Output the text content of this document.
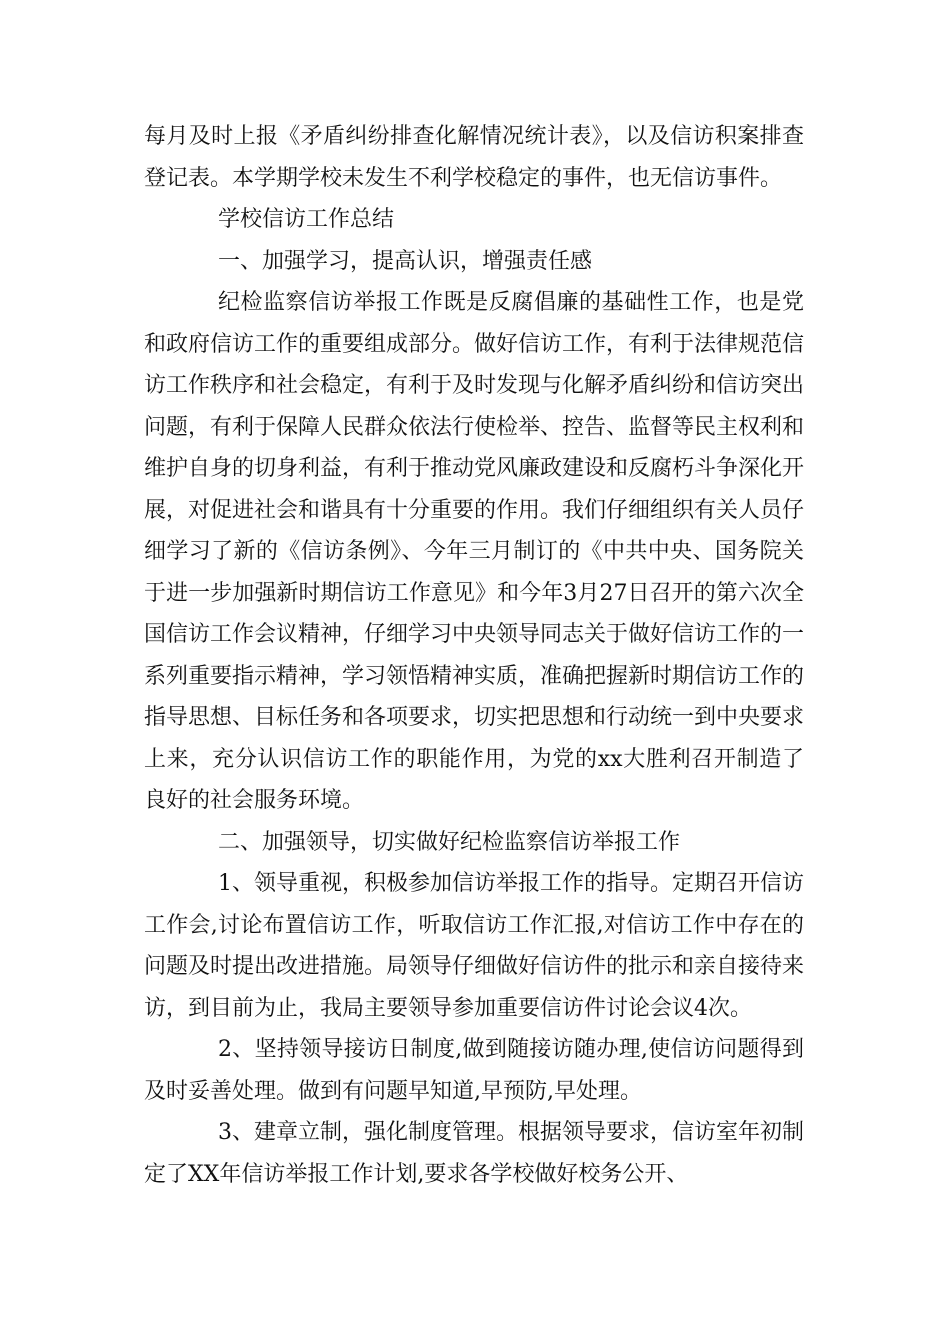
每月及时上报《矛盾纠纷排查化解情况统计表》，以及信访积案排查登记表。本学期学校未发生不利学校稳定的事件，也无信访事件。

学校信访工作总结

一、加强学习，提高认识，增强责任感

纪检监察信访举报工作既是反腐倡廉的基础性工作，也是党和政府信访工作的重要组成部分。做好信访工作，有利于法律规范信访工作秩序和社会稳定，有利于及时发现与化解矛盾纠纷和信访突出问题，有利于保障人民群众依法行使检举、控告、监督等民主权利和维护自身的切身利益，有利于推动党风廉政建设和反腐朽斗争深化开展，对促进社会和谐具有十分重要的作用。我们仔细组织有关人员仔细学习了新的《信访条例》、今年三月制订的《中共中央、国务院关于进一步加强新时期信访工作意见》和今年3月27日召开的第六次全国信访工作会议精神，仔细学习中央领导同志关于做好信访工作的一系列重要指示精神，学习领悟精神实质，准确把握新时期信访工作的指导思想、目标任务和各项要求，切实把思想和行动统一到中央要求上来，充分认识信访工作的职能作用，为党的xx大胜利召开制造了良好的社会服务环境。

二、加强领导，切实做好纪检监察信访举报工作

1、领导重视，积极参加信访举报工作的指导。定期召开信访工作会,讨论布置信访工作，听取信访工作汇报,对信访工作中存在的问题及时提出改进措施。局领导仔细做好信访件的批示和亲自接待来访，到目前为止，我局主要领导参加重要信访件讨论会议4次。

2、坚持领导接访日制度,做到随接访随办理,使信访问题得到及时妥善处理。做到有问题早知道,早预防,早处理。

3、建章立制，强化制度管理。根据领导要求，信访室年初制定了XX年信访举报工作计划,要求各学校做好校务公开、
